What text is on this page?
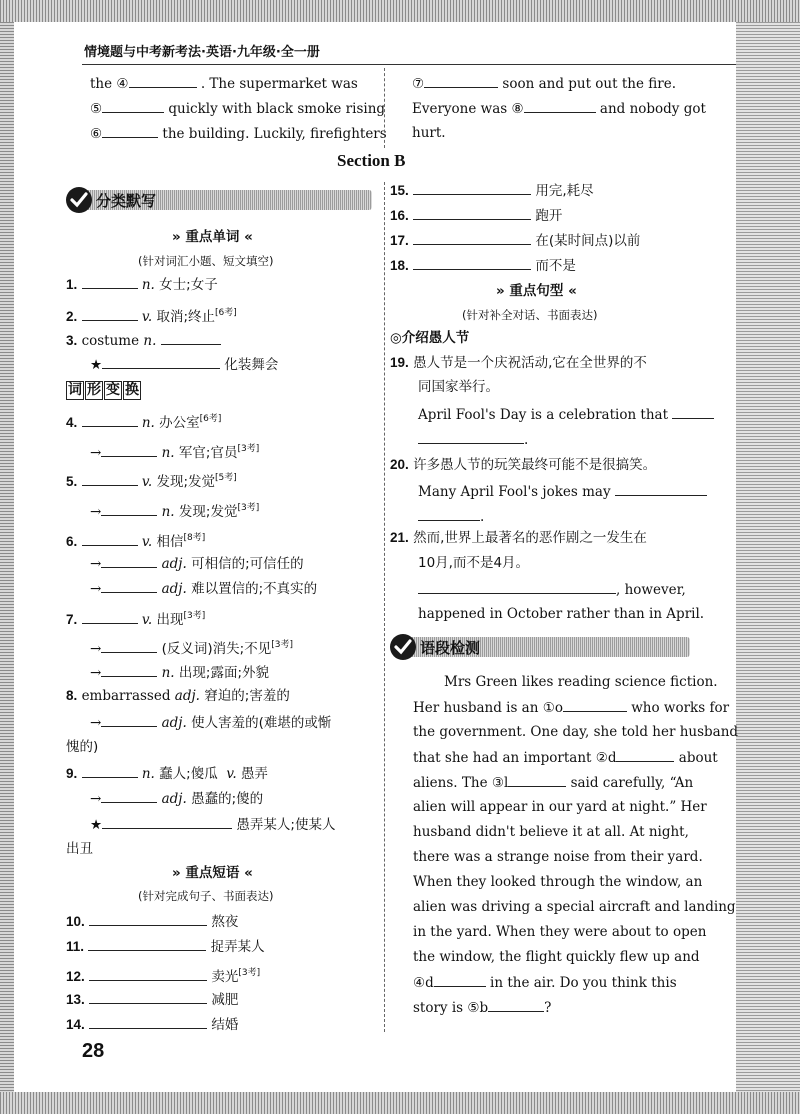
情境题与中考新考法·英语·九年级·全一册
the ④	. The supermarket was
⑤	quickly with black smoke rising
⑥	the building. Luckily, firefighters
⑦	soon and put out the fire.
Everyone was ⑧	and nobody got
hurt.
Section B
分类默写
» 重点单词 «
(针对词汇小题、短文填空)
1.	n. 女士;女子
2.	v. 取消;终止[6考]
3. costume n.
★	化装舞会
词 形 变 换
4.	n. 办公室[6考]
→	n. 军官;官员[3考]
5.	v. 发现;发觉[5考]
→	n. 发现;发觉[3考]
6.	v. 相信[8考]
→	adj. 可相信的;可信任的
→	adj. 难以置信的;不真实的
7.	v. 出现[3考]
→	(反义词)消失;不见[3考]
→	n. 出现;露面;外貌
8. embarrassed adj. 窘迫的;害羞的
→	adj. 使人害羞的(难堪的或惭
愧的)
9.	n. 蠢人;傻瓜 v. 愚弄
→	adj. 愚蠢的;傻的
★	愚弄某人;使某人
出丑
» 重点短语 «
(针对完成句子、书面表达)
10.	熬夜
11.	捉弄某人
12.	卖光[3考]
13.	减肥
14.	结婚
15.	用完,耗尽
16.	跑开
17.	在(某时间点)以前
18.	而不是
» 重点句型 «
(针对补全对话、书面表达)
◎介绍愚人节
19. 愚人节是一个庆祝活动,它在全世界的不
同国家举行。
April Fool's Day is a celebration that
.
20. 许多愚人节的玩笑最终可能不是很搞笑。
Many April Fool's jokes may
.
21. 然而,世界上最著名的恶作剧之一发生在
10月,而不是4月。
, however,
happened in October rather than in April.
语段检测
Mrs Green likes reading science fiction.
Her husband is an ①o	who works for
the government. One day, she told her husband
that she had an important ②d	about
aliens. The ③l	said carefully, “An
alien will appear in our yard at night.” Her
husband didn't believe it at all. At night,
there was a strange noise from their yard.
When they looked through the window, an
alien was driving a special aircraft and landing
in the yard. When they were about to open
the window, the flight quickly flew up and
④d	in the air. Do you think this
story is ⑤b	?
28
